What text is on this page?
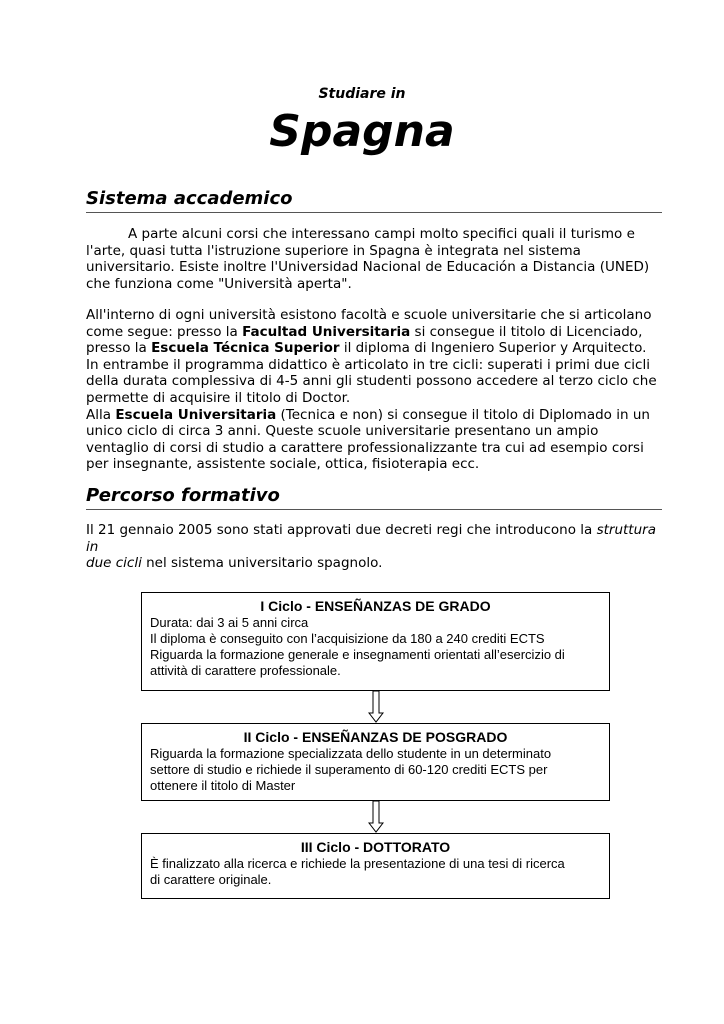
Studiare in
Spagna
Sistema accademico
A parte alcuni corsi che interessano campi molto specifici quali il turismo e
l'arte, quasi tutta l'istruzione superiore in Spagna è integrata nel sistema
universitario. Esiste inoltre l'Universidad Nacional de Educación a Distancia (UNED)
che funziona come "Università aperta".
All'interno di ogni università esistono facoltà e scuole universitarie che si articolano
come segue: presso la Facultad Universitaria si consegue il titolo di Licenciado,
presso la Escuela Técnica Superior il diploma di Ingeniero Superior y Arquitecto.
In entrambe il programma didattico è articolato in tre cicli: superati i primi due cicli
della durata complessiva di 4-5 anni gli studenti possono accedere al terzo ciclo che
permette di acquisire il titolo di Doctor.
Alla Escuela Universitaria (Tecnica e non) si consegue il titolo di Diplomado in un
unico ciclo di circa 3 anni. Queste scuole universitarie presentano un ampio
ventaglio di corsi di studio a carattere professionalizzante tra cui ad esempio corsi
per insegnante, assistente sociale, ottica, fisioterapia ecc.
Percorso formativo
Il 21 gennaio 2005 sono stati approvati due decreti regi che introducono la struttura in
due cicli nel sistema universitario spagnolo.
I Ciclo - ENSEÑANZAS DE GRADO
Durata: dai 3 ai 5 anni circa
Il diploma è conseguito con l’acquisizione da 180 a 240 crediti ECTS
Riguarda la formazione generale e insegnamenti orientati all’esercizio di
attività di carattere professionale.
II Ciclo - ENSEÑANZAS DE POSGRADO
Riguarda la formazione specializzata dello studente in un determinato
settore di studio e richiede il superamento di 60-120 crediti ECTS per
ottenere il titolo di Master
III Ciclo - DOTTORATO
È finalizzato alla ricerca e richiede la presentazione di una tesi di ricerca
di carattere originale.
